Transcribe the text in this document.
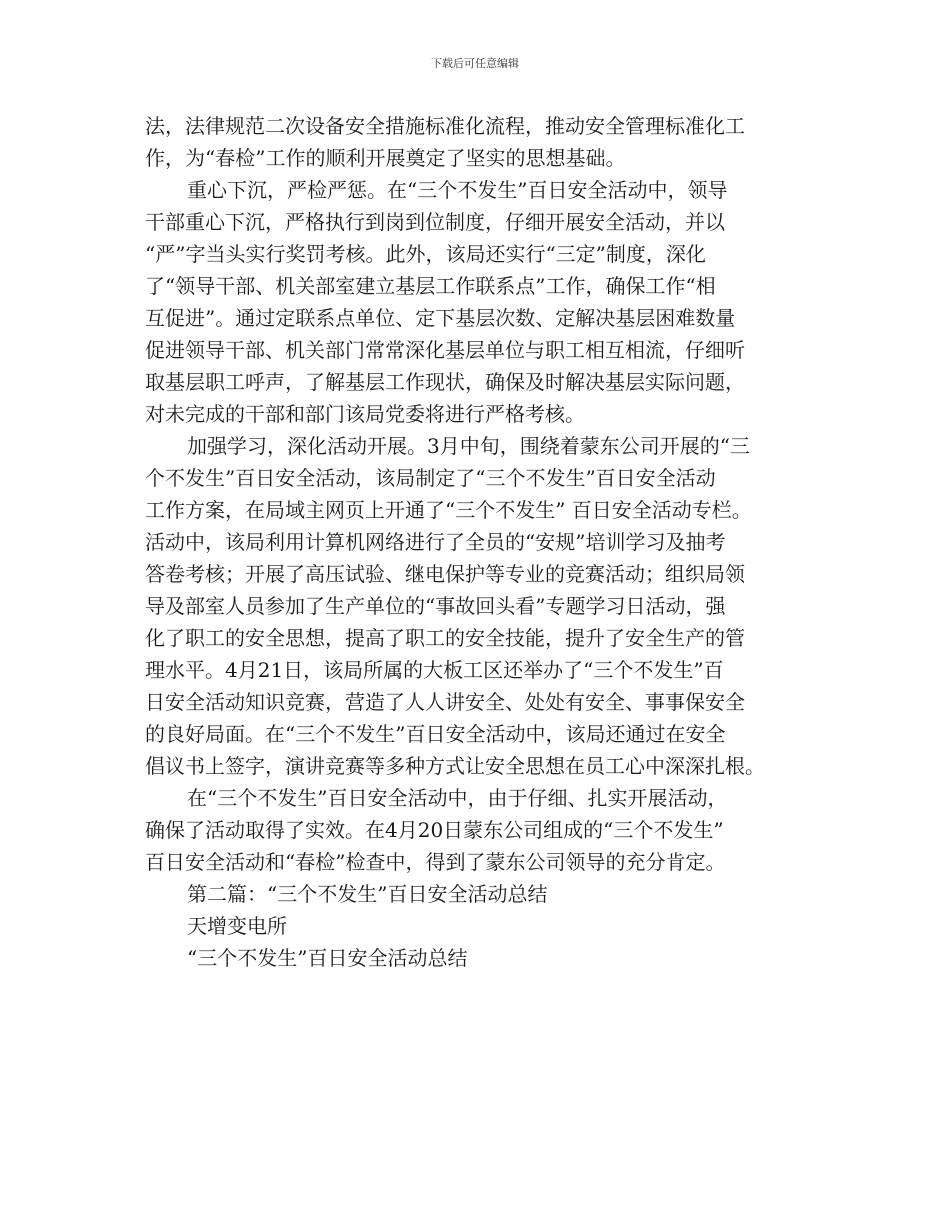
下载后可任意编辑
法，法律规范二次设备安全措施标准化流程，推动安全管理标准化工
作，为“春检”工作的顺利开展奠定了坚实的思想基础。
重心下沉，严检严惩。在“三个不发生”百日安全活动中，领导
干部重心下沉，严格执行到岗到位制度，仔细开展安全活动，并以
“严”字当头实行奖罚考核。此外，该局还实行“三定”制度，深化
了“领导干部、机关部室建立基层工作联系点”工作，确保工作“相
互促进”。通过定联系点单位、定下基层次数、定解决基层困难数量
促进领导干部、机关部门常常深化基层单位与职工相互相流，仔细听
取基层职工呼声，了解基层工作现状，确保及时解决基层实际问题，
对未完成的干部和部门该局党委将进行严格考核。
加强学习，深化活动开展。3月中旬，围绕着蒙东公司开展的“三
个不发生”百日安全活动，该局制定了“三个不发生”百日安全活动
工作方案，在局域主网页上开通了“三个不发生” 百日安全活动专栏。
活动中，该局利用计算机网络进行了全员的“安规”培训学习及抽考
答卷考核；开展了高压试验、继电保护等专业的竞赛活动；组织局领
导及部室人员参加了生产单位的“事故回头看”专题学习日活动，强
化了职工的安全思想，提高了职工的安全技能，提升了安全生产的管
理水平。4月21日，该局所属的大板工区还举办了“三个不发生”百
日安全活动知识竞赛，营造了人人讲安全、处处有安全、事事保安全
的良好局面。在“三个不发生”百日安全活动中，该局还通过在安全
倡议书上签字，演讲竞赛等多种方式让安全思想在员工心中深深扎根。
在“三个不发生”百日安全活动中，由于仔细、扎实开展活动，
确保了活动取得了实效。在4月20日蒙东公司组成的“三个不发生”
百日安全活动和“春检”检查中，得到了蒙东公司领导的充分肯定。
第二篇：“三个不发生”百日安全活动总结
天增变电所
“三个不发生”百日安全活动总结
